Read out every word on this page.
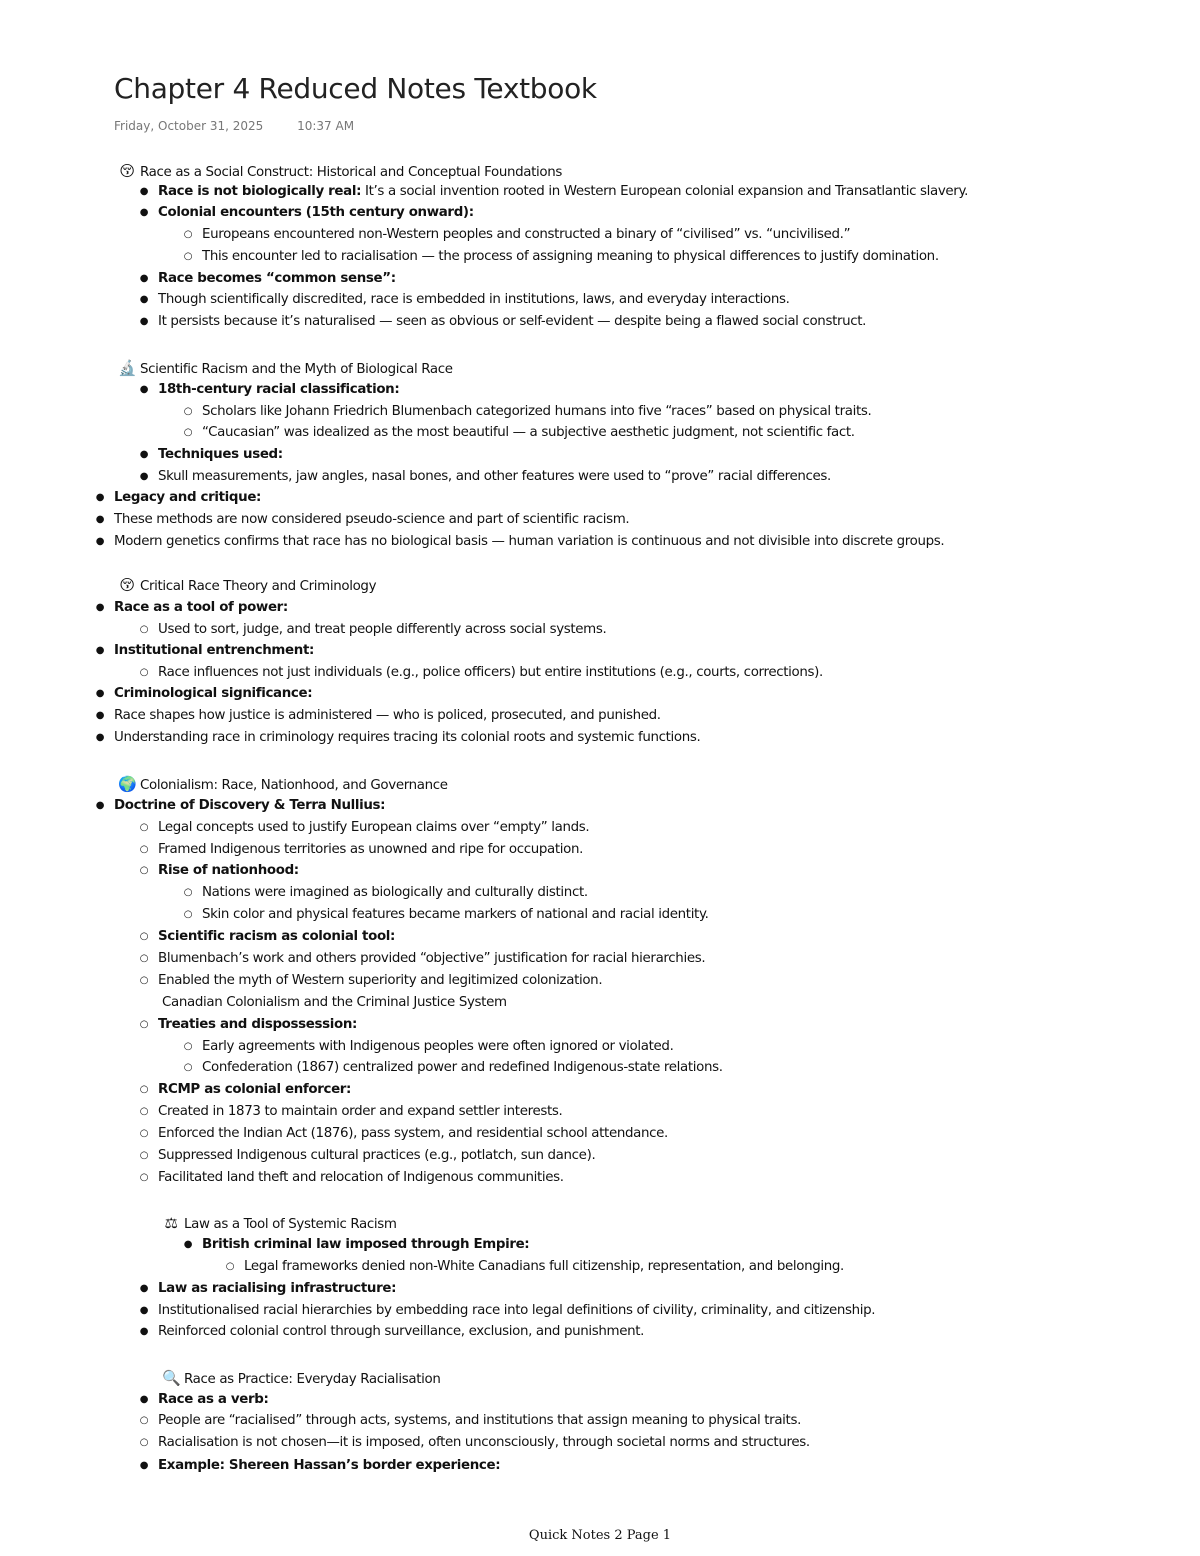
Chapter 4 Reduced Notes Textbook
Friday, October 31, 2025	10:37 AM
😚 Race as a Social Construct: Historical and Conceptual Foundations
● Race is not biologically real: It’s a social invention rooted in Western European colonial expansion and Transatlantic slavery.
● Colonial encounters (15th century onward):
○ Europeans encountered non-Western peoples and constructed a binary of “civilised” vs. “uncivilised.”
○ This encounter led to racialisation — the process of assigning meaning to physical differences to justify domination.
● Race becomes “common sense”:
● Though scientifically discredited, race is embedded in institutions, laws, and everyday interactions.
● It persists because it’s naturalised — seen as obvious or self-evident — despite being a flawed social construct.
🔬 Scientific Racism and the Myth of Biological Race
● 18th-century racial classification:
○ Scholars like Johann Friedrich Blumenbach categorized humans into five “races” based on physical traits.
○ “Caucasian” was idealized as the most beautiful — a subjective aesthetic judgment, not scientific fact.
● Techniques used:
● Skull measurements, jaw angles, nasal bones, and other features were used to “prove” racial differences.
● Legacy and critique:
● These methods are now considered pseudo-science and part of scientific racism.
● Modern genetics confirms that race has no biological basis — human variation is continuous and not divisible into discrete groups.
😚 Critical Race Theory and Criminology
● Race as a tool of power:
○ Used to sort, judge, and treat people differently across social systems.
● Institutional entrenchment:
○ Race influences not just individuals (e.g., police officers) but entire institutions (e.g., courts, corrections).
● Criminological significance:
● Race shapes how justice is administered — who is policed, prosecuted, and punished.
● Understanding race in criminology requires tracing its colonial roots and systemic functions.
🌍 Colonialism: Race, Nationhood, and Governance
● Doctrine of Discovery & Terra Nullius:
○ Legal concepts used to justify European claims over “empty” lands.
○ Framed Indigenous territories as unowned and ripe for occupation.
○ Rise of nationhood:
○ Nations were imagined as biologically and culturally distinct.
○ Skin color and physical features became markers of national and racial identity.
○ Scientific racism as colonial tool:
○ Blumenbach’s work and others provided “objective” justification for racial hierarchies.
○ Enabled the myth of Western superiority and legitimized colonization.
Canadian Colonialism and the Criminal Justice System
○ Treaties and dispossession:
○ Early agreements with Indigenous peoples were often ignored or violated.
○ Confederation (1867) centralized power and redefined Indigenous-state relations.
○ RCMP as colonial enforcer:
○ Created in 1873 to maintain order and expand settler interests.
○ Enforced the Indian Act (1876), pass system, and residential school attendance.
○ Suppressed Indigenous cultural practices (e.g., potlatch, sun dance).
○ Facilitated land theft and relocation of Indigenous communities.
⚖ Law as a Tool of Systemic Racism
● British criminal law imposed through Empire:
○ Legal frameworks denied non-White Canadians full citizenship, representation, and belonging.
● Law as racialising infrastructure:
● Institutionalised racial hierarchies by embedding race into legal definitions of civility, criminality, and citizenship.
● Reinforced colonial control through surveillance, exclusion, and punishment.
🔍 Race as Practice: Everyday Racialisation
● Race as a verb:
○ People are “racialised” through acts, systems, and institutions that assign meaning to physical traits.
○ Racialisation is not chosen—it is imposed, often unconsciously, through societal norms and structures.
● Example: Shereen Hassan’s border experience:
Quick Notes 2 Page 1
